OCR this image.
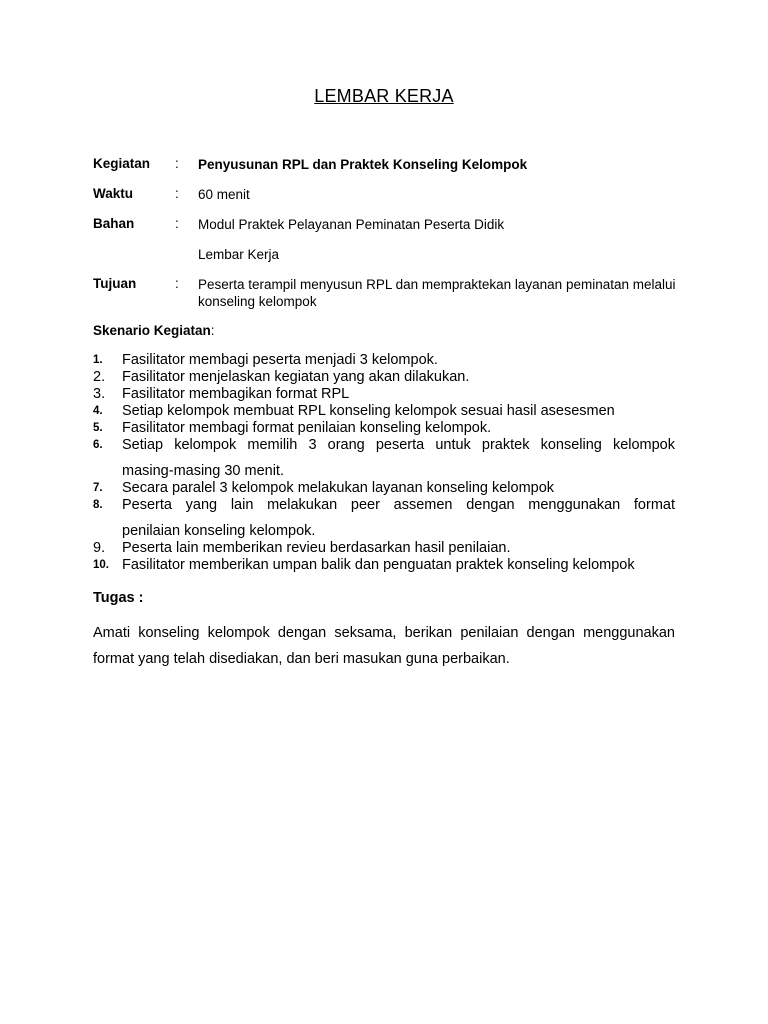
LEMBAR KERJA
Kegiatan	: Penyusunan RPL dan Praktek Konseling Kelompok
Waktu	: 60 menit
Bahan	: Modul Praktek Pelayanan Peminatan Peserta Didik
Lembar Kerja
Tujuan	: Peserta terampil menyusun RPL dan mempraktekan layanan peminatan melalui konseling kelompok
Skenario Kegiatan:
1.	Fasilitator membagi peserta menjadi 3 kelompok.
2.	Fasilitator menjelaskan kegiatan yang akan dilakukan.
3.	Fasilitator membagikan format RPL
4.	Setiap kelompok membuat RPL konseling kelompok sesuai hasil asesesmen
5.	Fasilitator membagi format penilaian konseling kelompok.
6.	Setiap kelompok memilih 3 orang peserta untuk praktek konseling kelompok
masing-masing 30 menit.
7.	Secara paralel 3 kelompok melakukan layanan konseling kelompok
8.	Peserta yang lain melakukan peer assemen dengan menggunakan format
penilaian konseling kelompok.
9.	Peserta lain memberikan revieu berdasarkan hasil penilaian.
10. Fasilitator memberikan umpan balik dan penguatan praktek konseling kelompok
Tugas :
Amati konseling kelompok dengan seksama, berikan penilaian dengan menggunakan format yang telah disediakan, dan beri masukan guna perbaikan.
